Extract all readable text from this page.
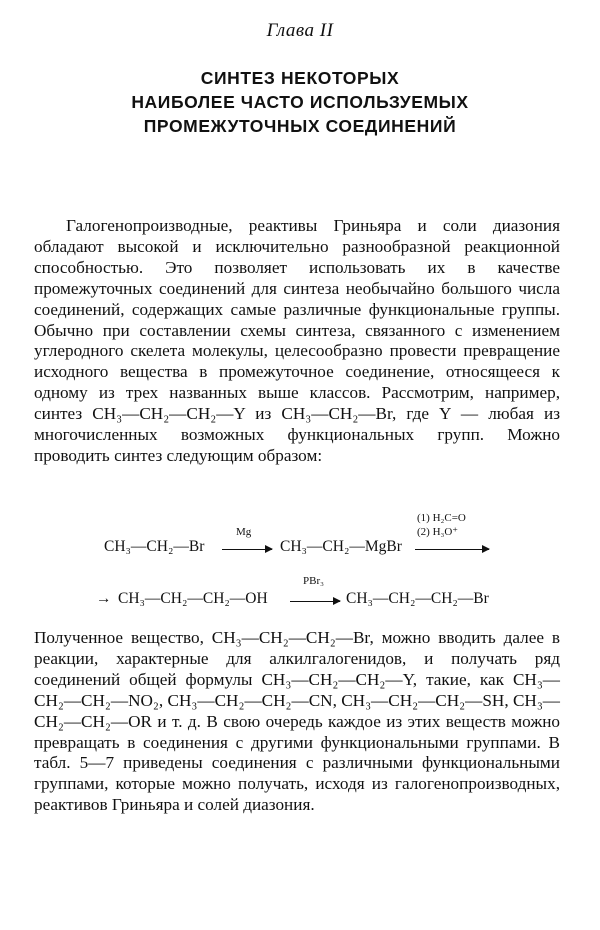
Глава II
СИНТЕЗ НЕКОТОРЫХ
НАИБОЛЕЕ ЧАСТО ИСПОЛЬЗУЕМЫХ
ПРОМЕЖУТОЧНЫХ СОЕДИНЕНИЙ

Галогенопроизводные, реактивы Гриньяра и соли диазония обладают высокой и исключительно разнообразной реакционной способностью. Это позволяет использовать их в качестве промежуточных соединений для синтеза необычайно большого числа соединений, содержащих самые различные функциональные группы. Обычно при составлении схемы синтеза, связанного с изменением углеродного скелета молекулы, целесообразно провести превращение исходного вещества в промежуточное соединение, относящееся к одному из трех названных выше классов. Рассмотрим, например, синтез CH₃—CH₂—CH₂—Y из CH₃—CH₂—Br, где Y — любая из многочисленных возможных функциональных групп. Можно проводить синтез следующим образом:

CH₃—CH₂—Br
Mg
CH₃—CH₂—MgBr
(1) H₂C=O
(2) H₃O⁺
→ CH₃—CH₂—CH₂—OH
PBr₃
CH₃—CH₂—CH₂—Br

Полученное вещество, CH₃—CH₂—CH₂—Br, можно вводить далее в реакции, характерные для алкилгалогенидов, и получать ряд соединений общей формулы CH₃—CH₂—CH₂—Y, такие, как CH₃—CH₂—CH₂—NO₂, CH₃—CH₂—CH₂—CN, CH₃—CH₂—CH₂—SH, CH₃—CH₂—CH₂—OR и т. д. В свою очередь каждое из этих веществ можно превращать в соединения с другими функциональными группами. В табл. 5—7 приведены соединения с различными функциональными группами, которые можно получать, исходя из галогенопроизводных, реактивов Гриньяра и солей диазония.
